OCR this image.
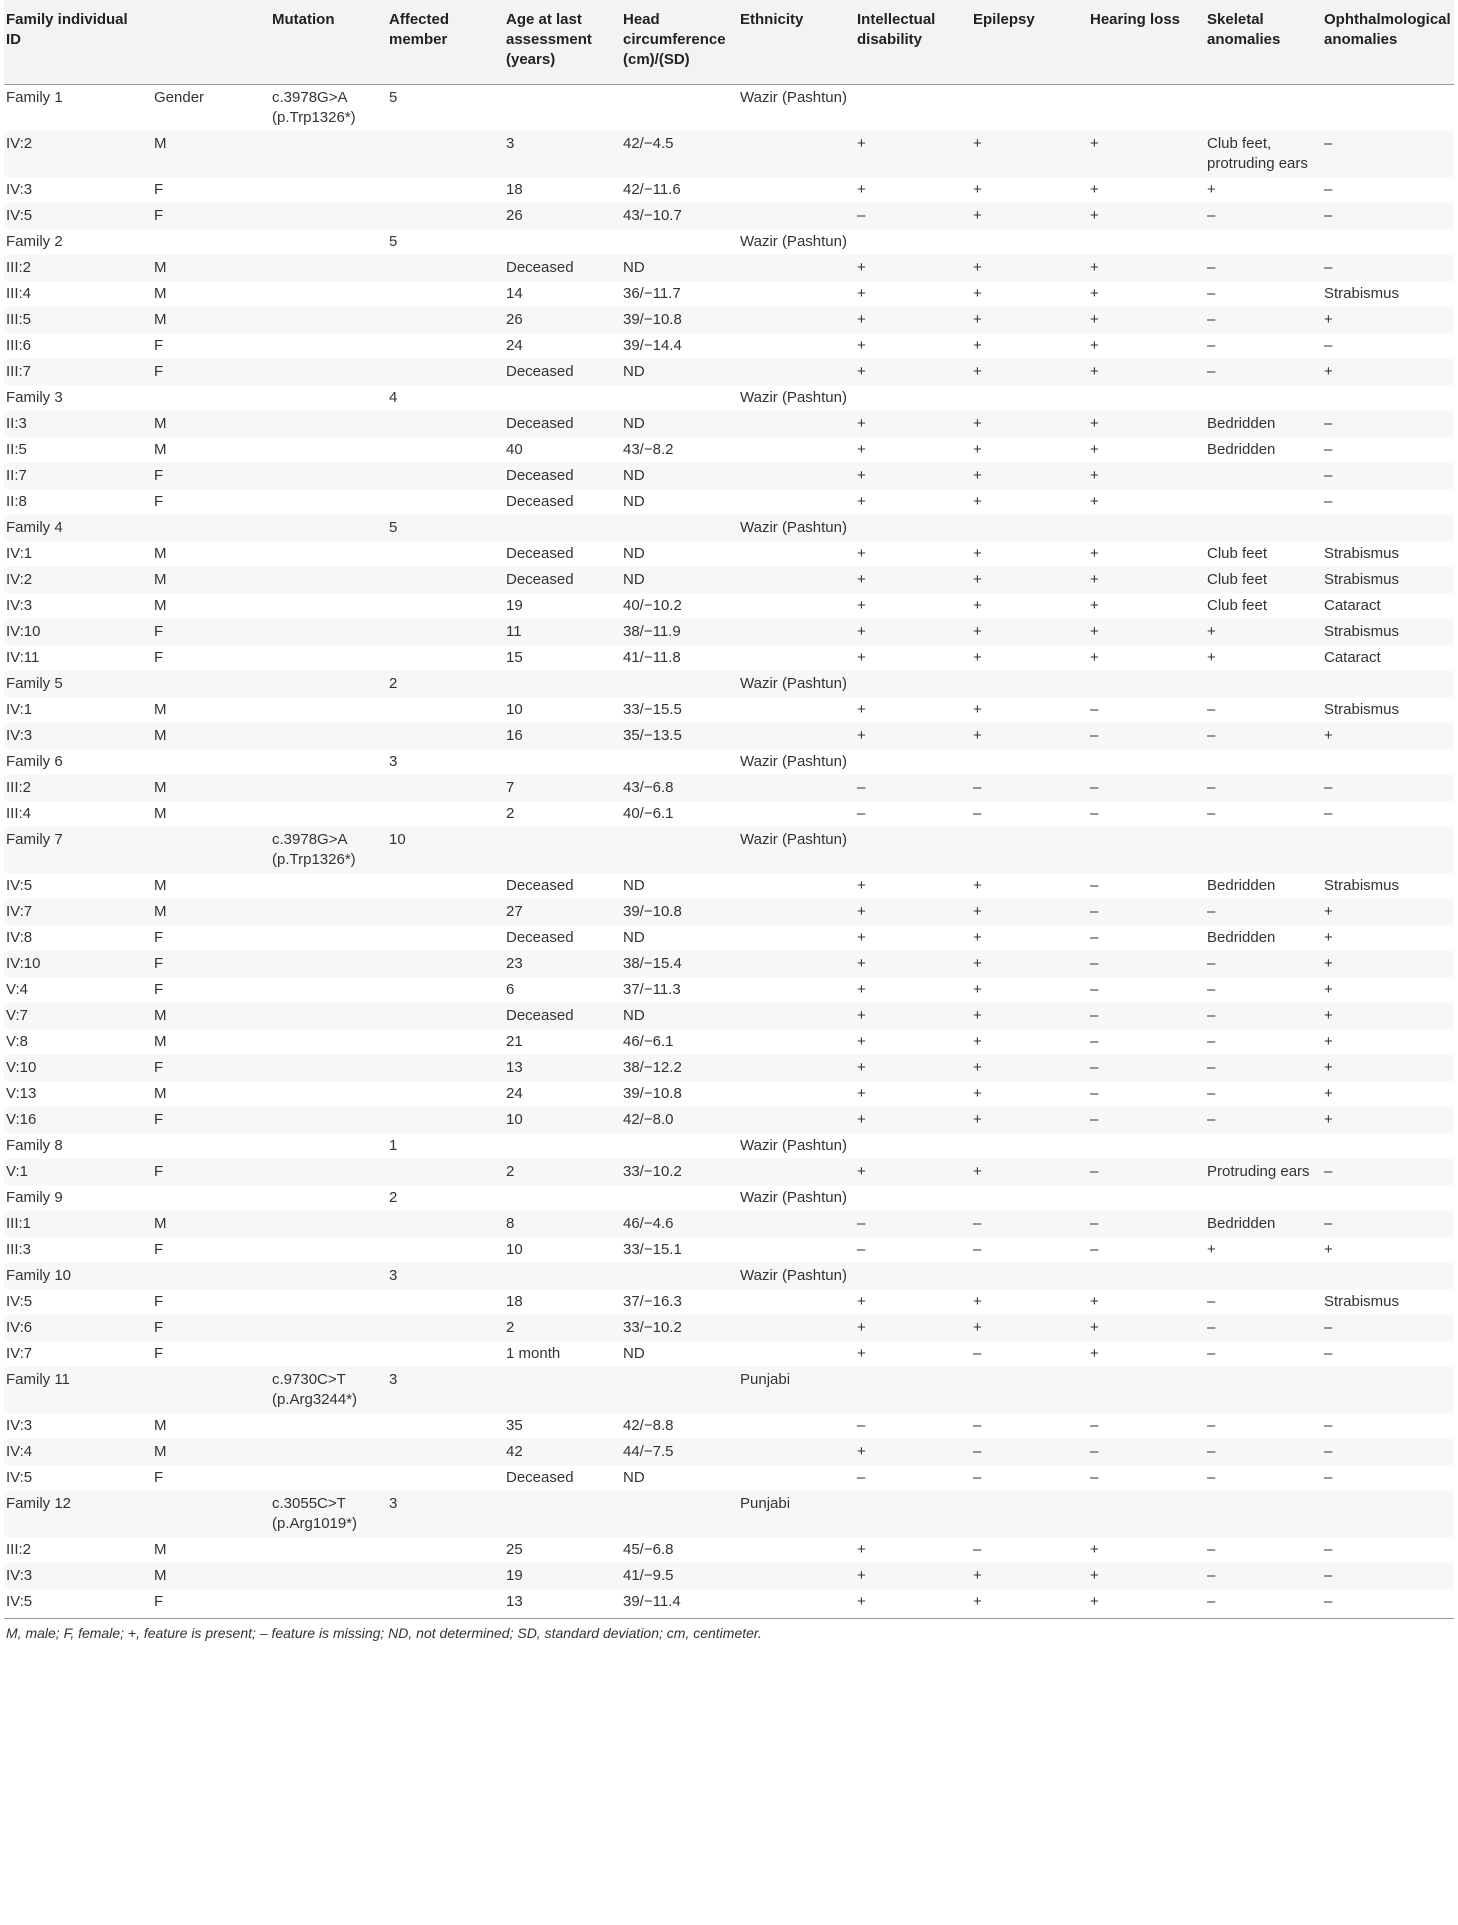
Family individual ID		Mutation	Affected member	Age at last assessment (years)	Head circumference (cm)/(SD)	Ethnicity	Intellectual disability	Epilepsy	Hearing loss	Skeletal anomalies	Ophthalmological anomalies
Family 1	Gender	c.3978G>A (p.Trp1326*)	5			Wazir (Pashtun)					
IV:2	M			3	42/−4.5		+	+	+	Club feet, protruding ears	–
IV:3	F			18	42/−11.6		+	+	+	+	–
IV:5	F			26	43/−10.7		–	+	+	–	–
Family 2			5			Wazir (Pashtun)					
III:2	M			Deceased	ND		+	+	+	–	–
III:4	M			14	36/−11.7		+	+	+	–	Strabismus
III:5	M			26	39/−10.8		+	+	+	–	+
III:6	F			24	39/−14.4		+	+	+	–	–
III:7	F			Deceased	ND		+	+	+	–	+
Family 3			4			Wazir (Pashtun)					
II:3	M			Deceased	ND		+	+	+	Bedridden	–
II:5	M			40	43/−8.2		+	+	+	Bedridden	–
II:7	F			Deceased	ND		+	+	+		–
II:8	F			Deceased	ND		+	+	+		–
Family 4			5			Wazir (Pashtun)					
IV:1	M			Deceased	ND		+	+	+	Club feet	Strabismus
IV:2	M			Deceased	ND		+	+	+	Club feet	Strabismus
IV:3	M			19	40/−10.2		+	+	+	Club feet	Cataract
IV:10	F			11	38/−11.9		+	+	+	+	Strabismus
IV:11	F			15	41/−11.8		+	+	+	+	Cataract
Family 5			2			Wazir (Pashtun)					
IV:1	M			10	33/−15.5		+	+	–	–	Strabismus
IV:3	M			16	35/−13.5		+	+	–	–	+
Family 6			3			Wazir (Pashtun)					
III:2	M			7	43/−6.8		–	–	–	–	–
III:4	M			2	40/−6.1		–	–	–	–	–
Family 7		c.3978G>A (p.Trp1326*)	10			Wazir (Pashtun)					
IV:5	M			Deceased	ND		+	+	–	Bedridden	Strabismus
IV:7	M			27	39/−10.8		+	+	–	–	+
IV:8	F			Deceased	ND		+	+	–	Bedridden	+
IV:10	F			23	38/−15.4		+	+	–	–	+
V:4	F			6	37/−11.3		+	+	–	–	+
V:7	M			Deceased	ND		+	+	–	–	+
V:8	M			21	46/−6.1		+	+	–	–	+
V:10	F			13	38/−12.2		+	+	–	–	+
V:13	M			24	39/−10.8		+	+	–	–	+
V:16	F			10	42/−8.0		+	+	–	–	+
Family 8			1			Wazir (Pashtun)					
V:1	F			2	33/−10.2		+	+	–	Protruding ears	–
Family 9			2			Wazir (Pashtun)					
III:1	M			8	46/−4.6		–	–	–	Bedridden	–
III:3	F			10	33/−15.1		–	–	–	+	+
Family 10			3			Wazir (Pashtun)					
IV:5	F			18	37/−16.3		+	+	+	–	Strabismus
IV:6	F			2	33/−10.2		+	+	+	–	–
IV:7	F			1 month	ND		+	–	+	–	–
Family 11		c.9730C>T (p.Arg3244*)	3			Punjabi					
IV:3	M			35	42/−8.8		–	–	–	–	–
IV:4	M			42	44/−7.5		+	–	–	–	–
IV:5	F			Deceased	ND		–	–	–	–	–
Family 12		c.3055C>T (p.Arg1019*)	3			Punjabi					
III:2	M			25	45/−6.8		+	–	+	–	–
IV:3	M			19	41/−9.5		+	+	+	–	–
IV:5	F			13	39/−11.4		+	+	+	–	–
M, male; F, female; +, feature is present; – feature is missing; ND, not determined; SD, standard deviation; cm, centimeter.
